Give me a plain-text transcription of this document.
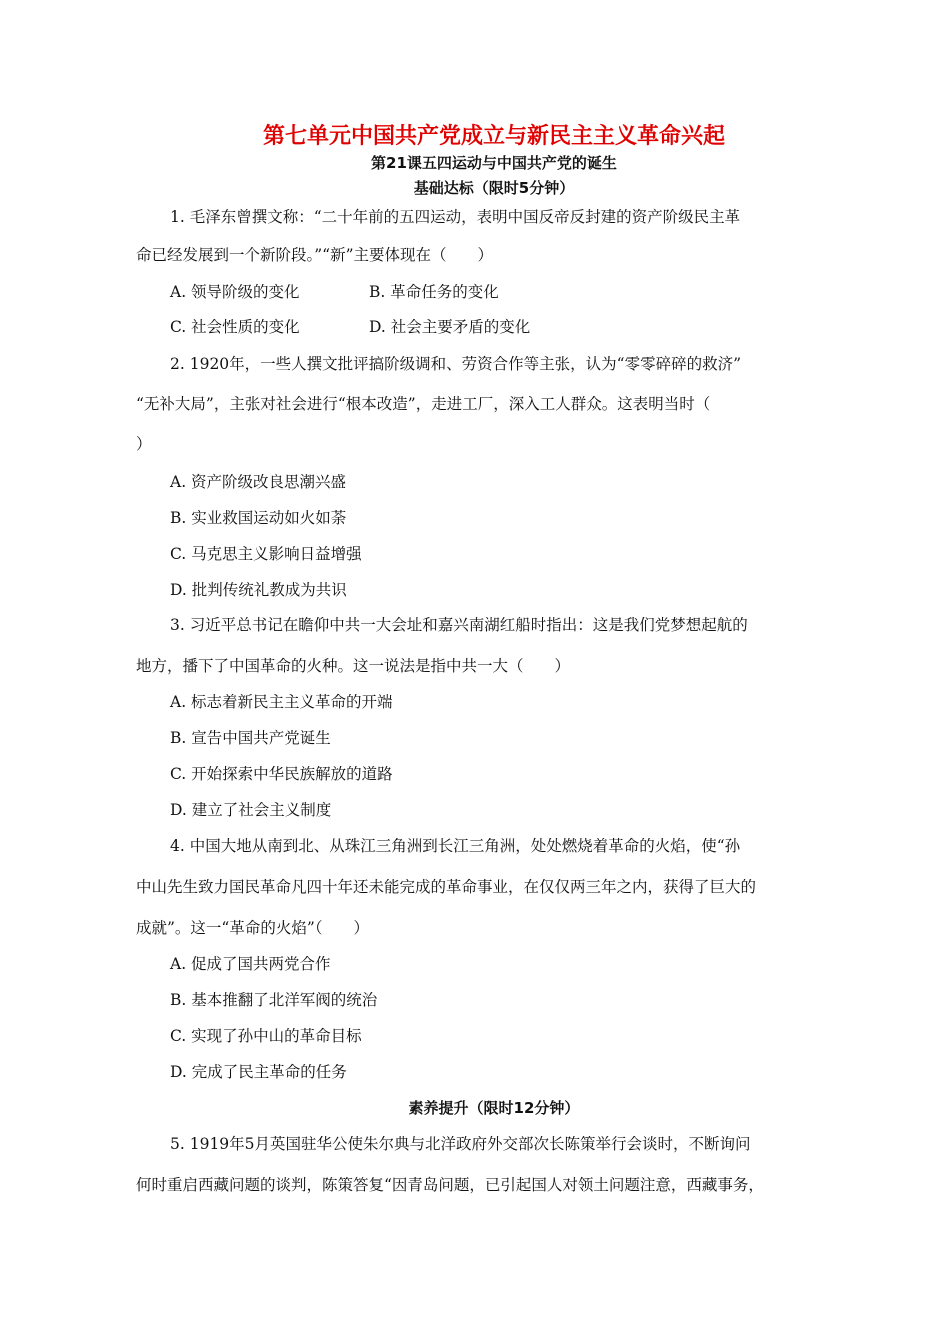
第七单元中国共产党成立与新民主主义革命兴起
第21课五四运动与中国共产党的诞生
基础达标（限时5分钟）
1. 毛泽东曾撰文称：“二十年前的五四运动，表明中国反帝反封建的资产阶级民主革
命已经发展到一个新阶段。”“新”主要体现在（　　）
A. 领导阶级的变化	B. 革命任务的变化
C. 社会性质的变化	D. 社会主要矛盾的变化
2. 1920年，一些人撰文批评搞阶级调和、劳资合作等主张，认为“零零碎碎的救济”
“无补大局”，主张对社会进行“根本改造”，走进工厂，深入工人群众。这表明当时（
）
A. 资产阶级改良思潮兴盛
B. 实业救国运动如火如荼
C. 马克思主义影响日益增强
D. 批判传统礼教成为共识
3. 习近平总书记在瞻仰中共一大会址和嘉兴南湖红船时指出：这是我们党梦想起航的
地方，播下了中国革命的火种。这一说法是指中共一大（　　）
A. 标志着新民主主义革命的开端
B. 宣告中国共产党诞生
C. 开始探索中华民族解放的道路
D. 建立了社会主义制度
4. 中国大地从南到北、从珠江三角洲到长江三角洲，处处燃烧着革命的火焰，使“孙
中山先生致力国民革命凡四十年还未能完成的革命事业，在仅仅两三年之内，获得了巨大的
成就”。这一“革命的火焰”（　　）
A. 促成了国共两党合作
B. 基本推翻了北洋军阀的统治
C. 实现了孙中山的革命目标
D. 完成了民主革命的任务
素养提升（限时12分钟）
5. 1919年5月英国驻华公使朱尔典与北洋政府外交部次长陈策举行会谈时，不断询问
何时重启西藏问题的谈判，陈策答复“因青岛问题，已引起国人对领土问题注意，西藏事务，
